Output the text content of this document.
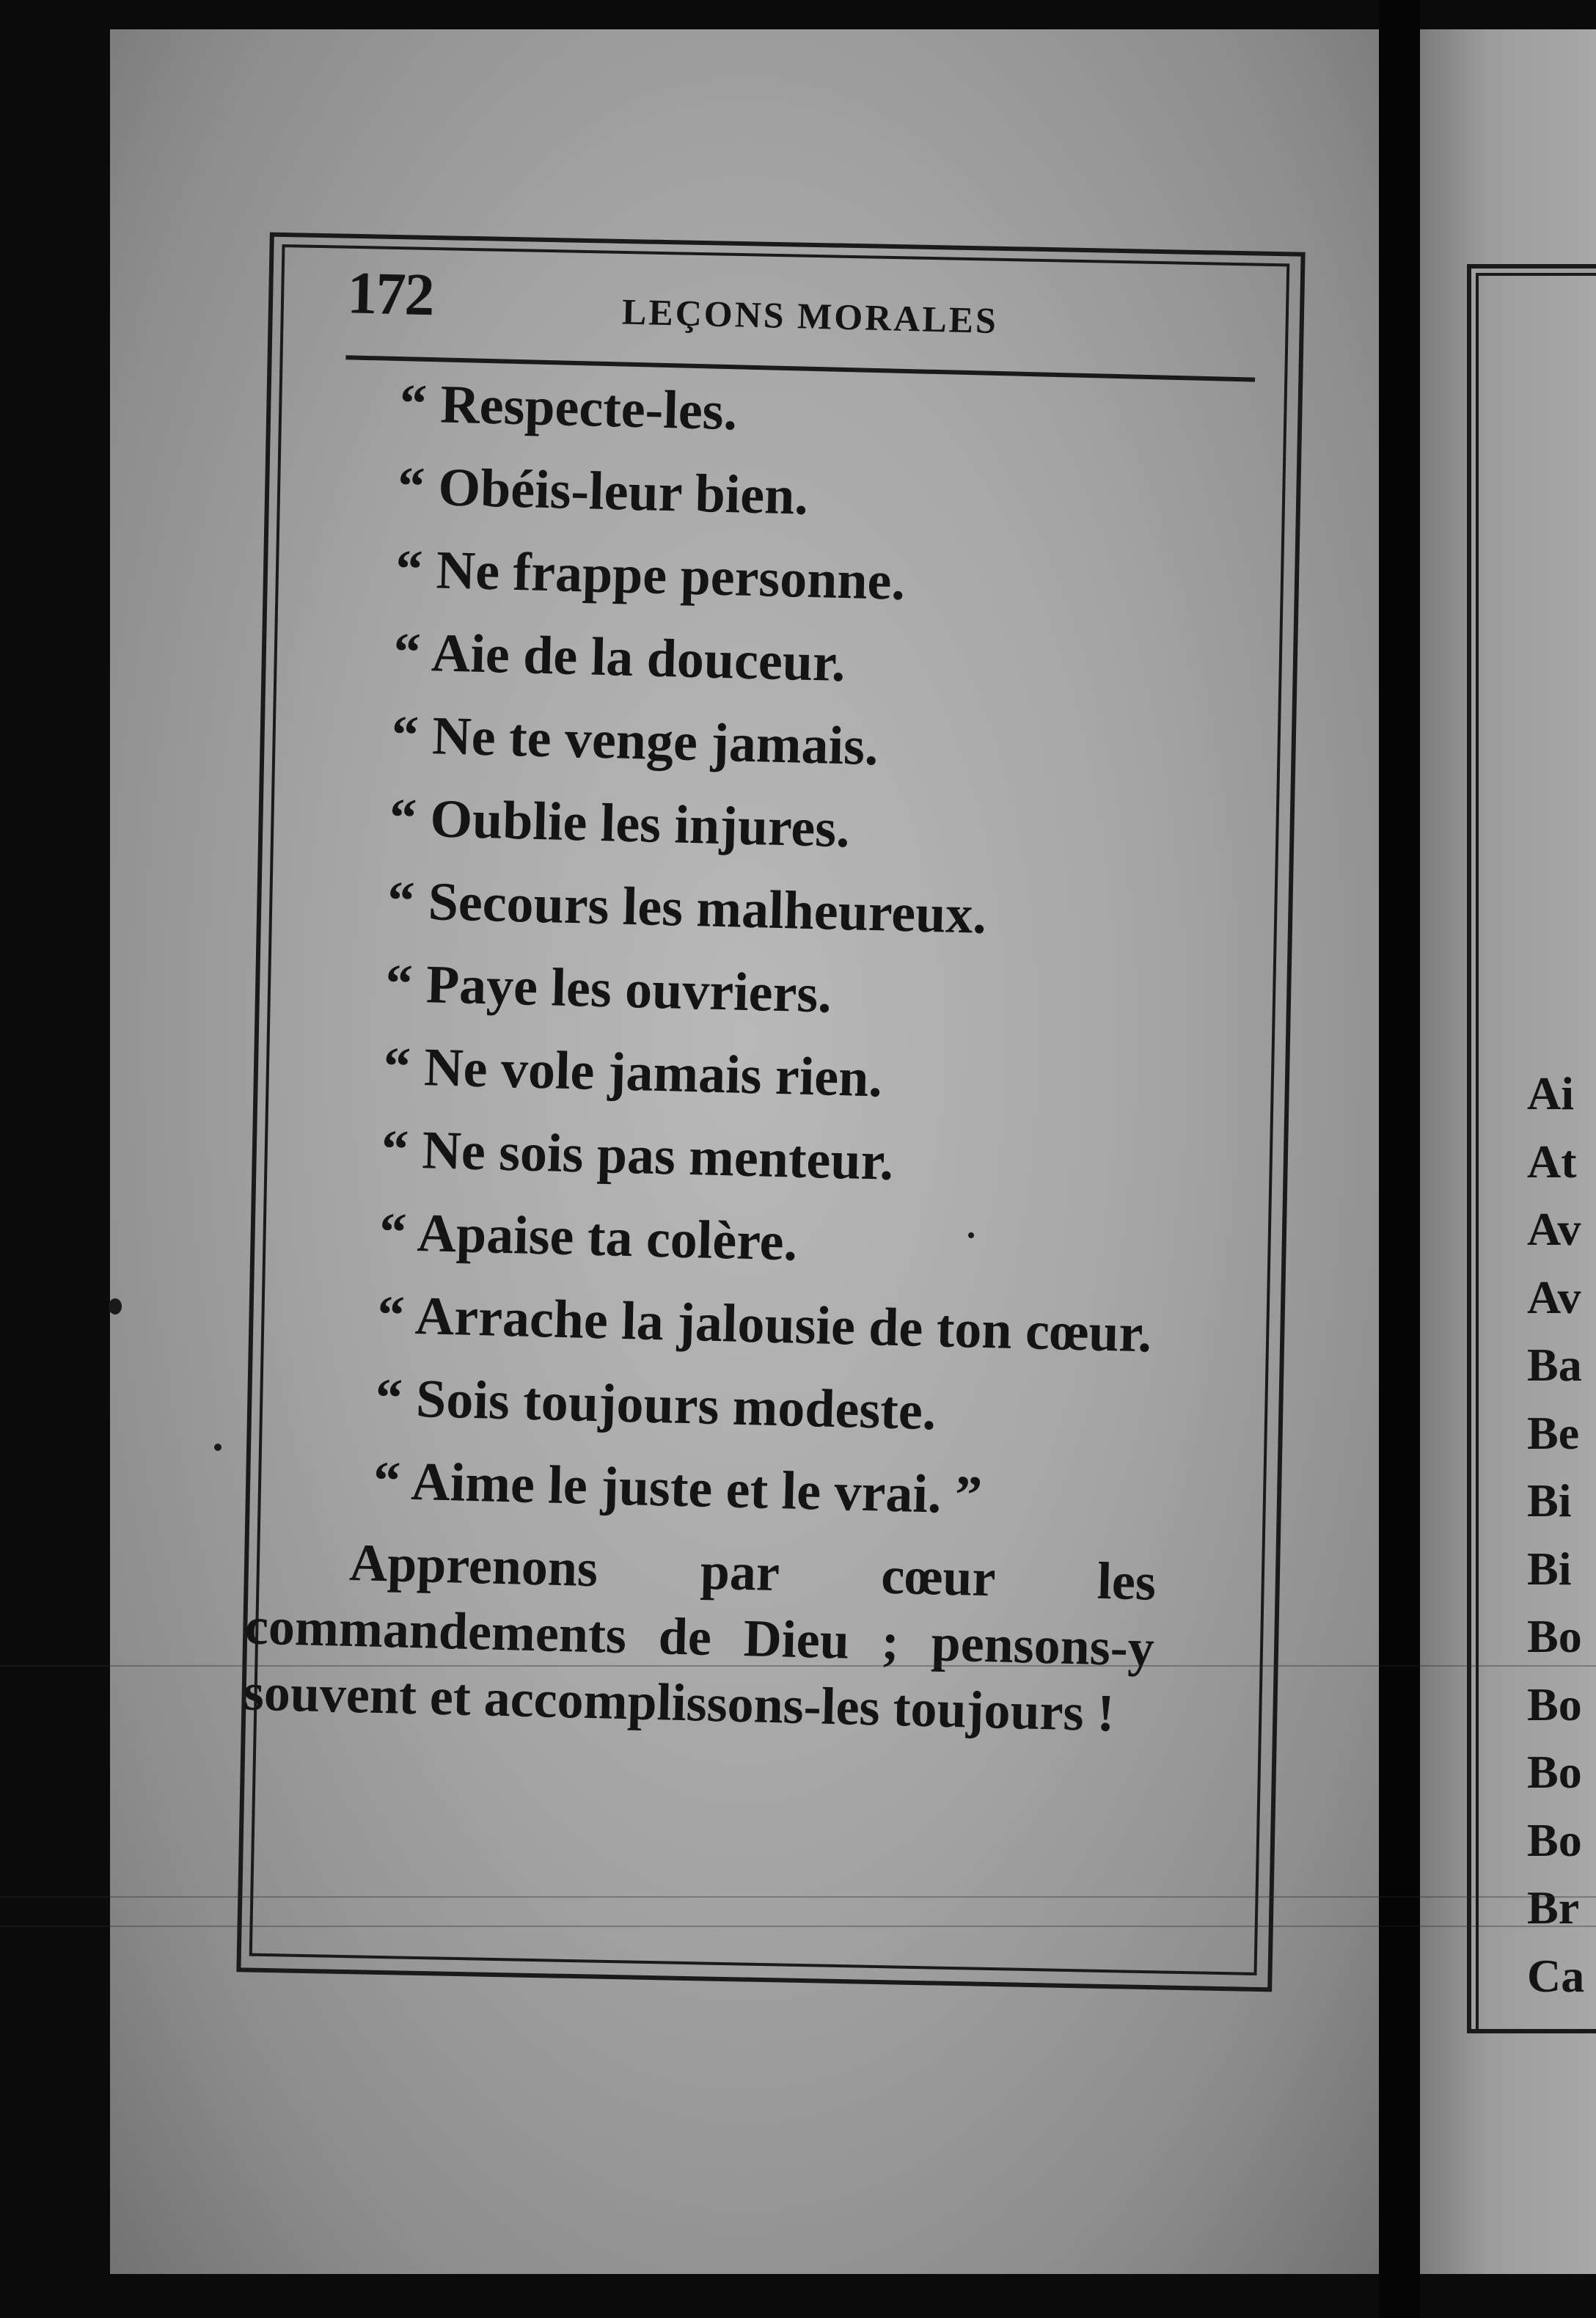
Ai
At
Av
Av
Ba
Be
Bi
Bi
Bo
Bo
Bo
Bo
Br
Ca
172	LEÇONS MORALES
“ Respecte-les.
“ Obéis-leur bien.
“ Ne frappe personne.
“ Aie de la douceur.
“ Ne te venge jamais.
“ Oublie les injures.
“ Secours les malheureux.
“ Paye les ouvriers.
“ Ne vole jamais rien.
“ Ne sois pas menteur.
“ Apaise ta colère.
“ Arrache la jalousie de ton cœur.
“ Sois toujours modeste.
“ Aime le juste et le vrai. ”

Apprenons par cœur les commandements de Dieu ; pensons-y souvent et accomplissons-les toujours !
